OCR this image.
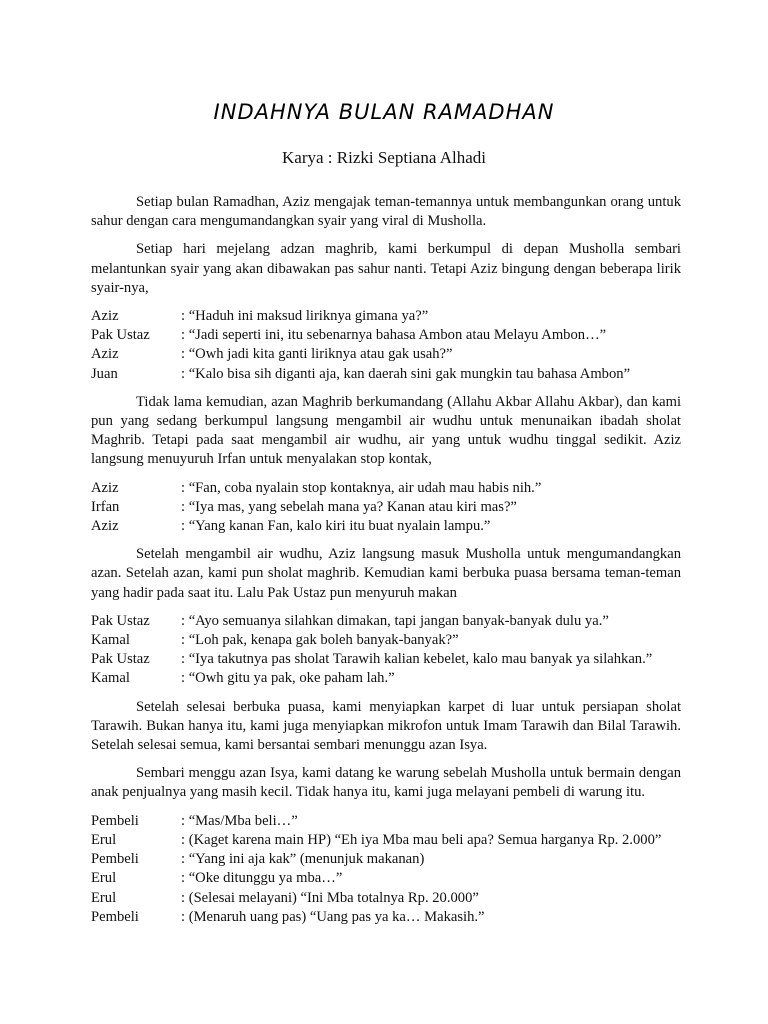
INDAHNYA BULAN RAMADHAN
Karya : Rizki Septiana Alhadi

Setiap bulan Ramadhan, Aziz mengajak teman-temannya untuk membangunkan orang untuk sahur dengan cara mengumandangkan syair yang viral di Musholla.

Setiap hari mejelang adzan maghrib, kami berkumpul di depan Musholla sembari melantunkan syair yang akan dibawakan pas sahur nanti. Tetapi Aziz bingung dengan beberapa lirik syair-nya,

Aziz	: “Haduh ini maksud liriknya gimana ya?”
Pak Ustaz	: “Jadi seperti ini, itu sebenarnya bahasa Ambon atau Melayu Ambon…”
Aziz	: “Owh jadi kita ganti liriknya atau gak usah?”
Juan	: “Kalo bisa sih diganti aja, kan daerah sini gak mungkin tau bahasa Ambon”

Tidak lama kemudian, azan Maghrib berkumandang (Allahu Akbar Allahu Akbar), dan kami pun yang sedang berkumpul langsung mengambil air wudhu untuk menunaikan ibadah sholat Maghrib. Tetapi pada saat mengambil air wudhu, air yang untuk wudhu tinggal sedikit. Aziz langsung menuyuruh Irfan untuk menyalakan stop kontak,

Aziz	: “Fan, coba nyalain stop kontaknya, air udah mau habis nih.”
Irfan	: “Iya mas, yang sebelah mana ya? Kanan atau kiri mas?”
Aziz	: “Yang kanan Fan, kalo kiri itu buat nyalain lampu.”

Setelah mengambil air wudhu, Aziz langsung masuk Musholla untuk mengumandangkan azan. Setelah azan, kami pun sholat maghrib. Kemudian kami berbuka puasa bersama teman-teman yang hadir pada saat itu. Lalu Pak Ustaz pun menyuruh makan

Pak Ustaz	: “Ayo semuanya silahkan dimakan, tapi jangan banyak-banyak dulu ya.”
Kamal	: “Loh pak, kenapa gak boleh banyak-banyak?”
Pak Ustaz	: “Iya takutnya pas sholat Tarawih kalian kebelet, kalo mau banyak ya silahkan.”
Kamal	: “Owh gitu ya pak, oke paham lah.”

Setelah selesai berbuka puasa, kami menyiapkan karpet di luar untuk persiapan sholat Tarawih. Bukan hanya itu, kami juga menyiapkan mikrofon untuk Imam Tarawih dan Bilal Tarawih. Setelah selesai semua, kami bersantai sembari menunggu azan Isya.

Sembari menggu azan Isya, kami datang ke warung sebelah Musholla untuk bermain dengan anak penjualnya yang masih kecil. Tidak hanya itu, kami juga melayani pembeli di warung itu.

Pembeli	: “Mas/Mba beli…”
Erul	: (Kaget karena main HP) “Eh iya Mba mau beli apa? Semua harganya Rp. 2.000”
Pembeli	: “Yang ini aja kak” (menunjuk makanan)
Erul	: “Oke ditunggu ya mba…”
Erul	: (Selesai melayani) “Ini Mba totalnya Rp. 20.000”
Pembeli	: (Menaruh uang pas) “Uang pas ya ka… Makasih.”
